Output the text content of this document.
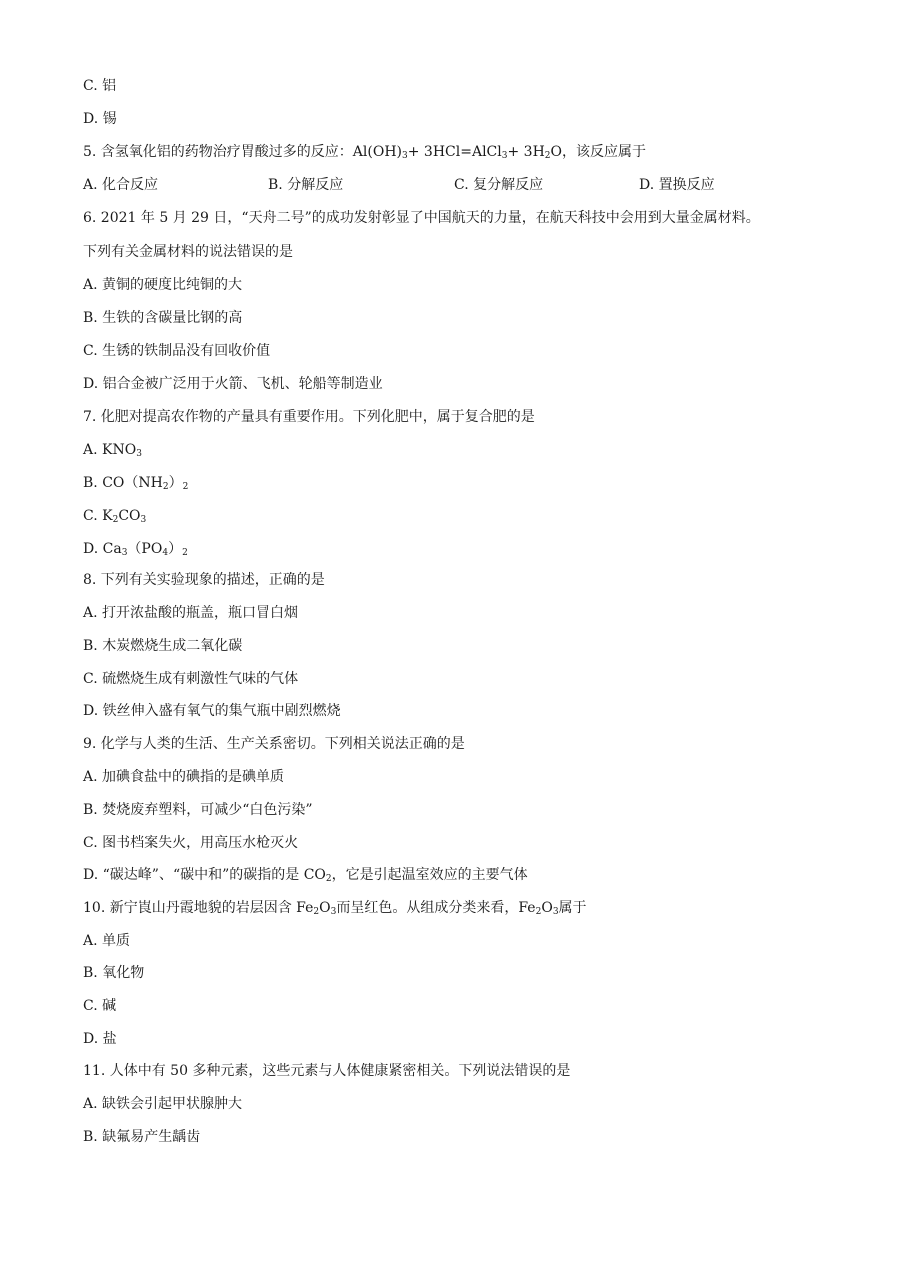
C. 铝
D. 锡
5. 含氢氧化铝的药物治疗胃酸过多的反应：$Al(OH)_3+$ 3HCl=AlCl$_3$+ $3H_2O$，该反应属于
A. 化合反应	B. 分解反应	C. 复分解反应	D. 置换反应
6. 2021 年 5 月 29 日，“天舟二号”的成功发射彰显了中国航天的力量，在航天科技中会用到大量金属材料。
下列有关金属材料的说法错误的是
A. 黄铜的硬度比纯铜的大
B. 生铁的含碳量比钢的高
C. 生锈的铁制品没有回收价值
D. 铝合金被广泛用于火箭、飞机、轮船等制造业
7. 化肥对提高农作物的产量具有重要作用。下列化肥中，属于复合肥的是
A. $KNO_3$
B. $CO(NH_2)_2$
C. $K_2CO_3$
D. $Ca_3(PO_4)_2$
8. 下列有关实验现象的描述，正确的是
A. 打开浓盐酸的瓶盖，瓶口冒白烟
B. 木炭燃烧生成二氧化碳
C. 硫燃烧生成有刺激性气味的气体
D. 铁丝伸入盛有氧气的集气瓶中剧烈燃烧
9. 化学与人类的生活、生产关系密切。下列相关说法正确的是
A. 加碘食盐中的碘指的是碘单质
B. 焚烧废弃塑料，可减少“白色污染”
C. 图书档案失火，用高压水枪灭火
D. “碳达峰”、“碳中和”的碳指的是 $CO_2$，它是引起温室效应的主要气体
10. 新宁崀山丹霞地貌的岩层因含 $Fe_2O_3$而呈红色。从组成分类来看，$Fe_2O_3$属于
A. 单质
B. 氧化物
C. 碱
D. 盐
11. 人体中有 50 多种元素，这些元素与人体健康紧密相关。下列说法错误的是
A. 缺铁会引起甲状腺肿大
B. 缺氟易产生龋齿
